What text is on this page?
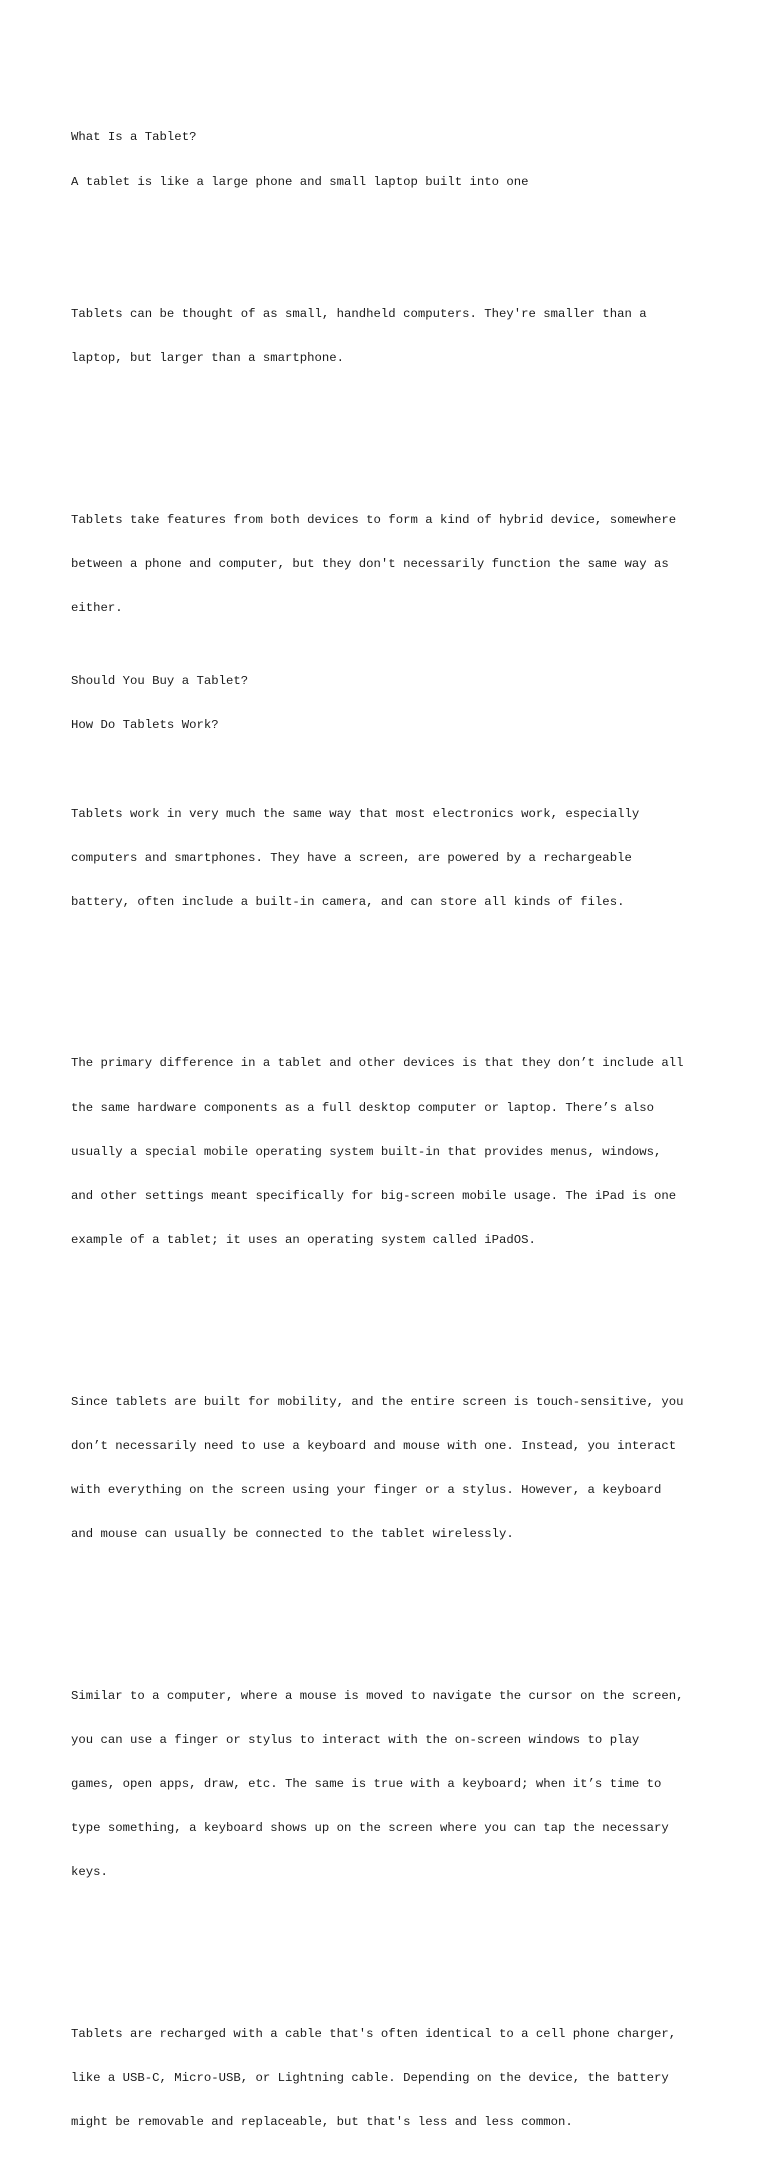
What Is a Tablet?

A tablet is like a large phone and small laptop built into one

Tablets can be thought of as small, handheld computers. They're smaller than a

laptop, but larger than a smartphone.

Tablets take features from both devices to form a kind of hybrid device, somewhere

between a phone and computer, but they don't necessarily function the same way as

either.

Should You Buy a Tablet?

How Do Tablets Work?

Tablets work in very much the same way that most electronics work, especially

computers and smartphones. They have a screen, are powered by a rechargeable

battery, often include a built-in camera, and can store all kinds of files.

The primary difference in a tablet and other devices is that they don’t include all

the same hardware components as a full desktop computer or laptop. There’s also

usually a special mobile operating system built-in that provides menus, windows,

and other settings meant specifically for big-screen mobile usage. The iPad is one

example of a tablet; it uses an operating system called iPadOS.

Since tablets are built for mobility, and the entire screen is touch-sensitive, you

don’t necessarily need to use a keyboard and mouse with one. Instead, you interact

with everything on the screen using your finger or a stylus. However, a keyboard

and mouse can usually be connected to the tablet wirelessly.

Similar to a computer, where a mouse is moved to navigate the cursor on the screen,

you can use a finger or stylus to interact with the on-screen windows to play

games, open apps, draw, etc. The same is true with a keyboard; when it’s time to

type something, a keyboard shows up on the screen where you can tap the necessary

keys.

Tablets are recharged with a cable that's often identical to a cell phone charger,

like a USB-C, Micro-USB, or Lightning cable. Depending on the device, the battery

might be removable and replaceable, but that's less and less common.
